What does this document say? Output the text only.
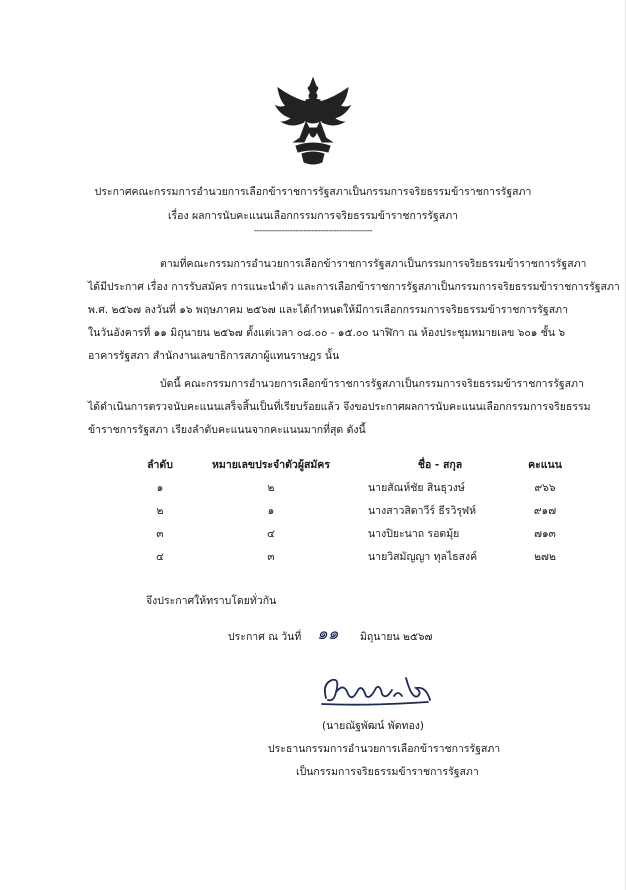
ประกาศคณะกรรมการอำนวยการเลือกข้าราชการรัฐสภาเป็นกรรมการจริยธรรมข้าราชการรัฐสภา
เรื่อง ผลการนับคะแนนเลือกกรรมการจริยธรรมข้าราชการรัฐสภา
-------------------------------------------
ตามที่คณะกรรมการอำนวยการเลือกข้าราชการรัฐสภาเป็นกรรมการจริยธรรมข้าราชการรัฐสภา
ได้มีประกาศ เรื่อง การรับสมัคร การแนะนำตัว และการเลือกข้าราชการรัฐสภาเป็นกรรมการจริยธรรมข้าราชการรัฐสภา
พ.ศ. ๒๕๖๗ ลงวันที่ ๑๖ พฤษภาคม ๒๕๖๗ และได้กำหนดให้มีการเลือกกรรมการจริยธรรมข้าราชการรัฐสภา
ในวันอังคารที่ ๑๑ มิถุนายน ๒๕๖๗ ตั้งแต่เวลา ๐๘.๐๐ - ๑๕.๐๐ นาฬิกา ณ ห้องประชุมหมายเลข ๖๐๑ ชั้น ๖
อาคารรัฐสภา สำนักงานเลขาธิการสภาผู้แทนราษฎร นั้น
บัดนี้ คณะกรรมการอำนวยการเลือกข้าราชการรัฐสภาเป็นกรรมการจริยธรรมข้าราชการรัฐสภา
ได้ดำเนินการตรวจนับคะแนนเสร็จสิ้นเป็นที่เรียบร้อยแล้ว จึงขอประกาศผลการนับคะแนนเลือกกรรมการจริยธรรม
ข้าราชการรัฐสภา เรียงลำดับคะแนนจากคะแนนมากที่สุด ดังนี้
ลำดับ	หมายเลขประจำตัวผู้สมัคร	ชื่อ - สกุล	คะแนน
๑	๒	นายสัณห์ชัย สินธุวงษ์	๙๖๖
๒	๑	นางสาวสิดาวีร์ ธีรวิรุฬห์	๙๑๗
๓	๔	นางปิยะนาถ รอดมุ้ย	๗๑๓
๔	๓	นายวิสมัญญา ทุลไธสงค์	๒๗๒
จึงประกาศให้ทราบโดยทั่วกัน
ประกาศ ณ วันที่ ๑๑ มิถุนายน ๒๕๖๗
(นายณัฐพัฒน์ พัดทอง)
ประธานกรรมการอำนวยการเลือกข้าราชการรัฐสภา
เป็นกรรมการจริยธรรมข้าราชการรัฐสภา
